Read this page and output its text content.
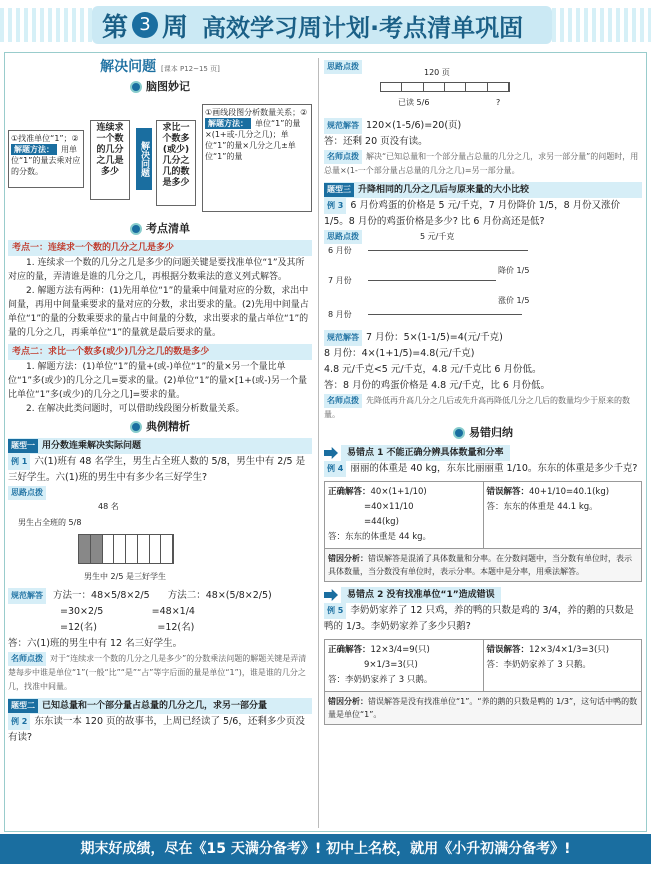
第 3 周 高效学习周计划·考点清单巩固
解决问题 [课本 P12~15 页]
脑图妙记
①找准单位“1”；②解题方法： 用单位“1”的量去乘对应的分数。
连续求一个数的几分之几是多少	解决问题
求比一个数多(或少)几分之几的数是多少
①画线段图分析数量关系；②解题方法： 单位“1”的量×(1+或-几分之几)；单位“1”的量×几分之几±单位“1”的量
考点清单
考点一：连续求一个数的几分之几是多少

1. 连续求一个数的几分之几是多少的问题关键是要找准单位“1”及其所对应的量，弄清谁是谁的几分之几，再根据分数乘法的意义列式解答。

2. 解题方法有两种：(1)先用单位“1”的量乘中间量对应的分数，求出中间量，再用中间量乘要求的量对应的分数，求出要求的量。(2)先用中间量占单位“1”的量的分数乘要求的量占中间量的分数，求出要求的量占单位“1”的量的几分之几，再乘单位“1”的量就是最后要求的量。

考点二：求比一个数多(或少)几分之几的数是多少

1. 解题方法：(1)单位“1”的量+(或-)单位“1”的量×另一个量比单位“1”多(或少)的几分之几=要求的量。(2)单位“1”的量×[1+(或-)另一个量比单位“1”多(或少)的几分之几]=要求的量。

2. 在解决此类问题时，可以借助线段图分析数量关系。

典例精析
题型一 用分数连乘解决实际问题
例 1 六(1)班有 48 名学生，男生占全班人数的 5/8，男生中有 2/5 是三好学生。六(1)班的男生中有多少名三好学生?
思路点拨
48 名
男生占全班的 5/8
男生中 2/5 是三好学生
规范解答 方法一：48×5/8×2/5 方法二：48×(5/8×2/5)
=30×2/5	=48×1/4
=12(名)	=12(名)
答：六(1)班的男生中有 12 名三好学生。
名师点拨 对于“连续求一个数的几分之几是多少”的分数乘法问题的解题关键是弄清楚每步中谁是单位“1”(一般“比”“是”“占”等字后面的量是单位“1”)，谁是谁的几分之几，找准中间量。
题型二 已知总量和一个部分量占总量的几分之几，求另一部分量
例 2 东东读一本 120 页的故事书，上周已经读了 5/6，还剩多少页没有读?
思路点拨
120 页
已读 5/6	?
规范解答 120×(1-5/6)=20(页)
答：还剩 20 页没有读。
名师点拨 解决“已知总量和一个部分量占总量的几分之几，求另一部分量”的问题时，用总量×(1-一个部分量占总量的几分之几)=另一部分量。
题型三 升降相同的几分之几后与原来量的大小比较
例 3 6 月份鸡蛋的价格是 5 元/千克，7 月份降价 1/5，8 月份又涨价 1/5。8 月份的鸡蛋价格是多少? 比 6 月份高还是低?
思路点拨	5 元/千克
6 月份
7 月份
降价 1/5
8 月份
涨价 1/5
规范解答 7 月份：5×(1-1/5)=4(元/千克)
8 月份：4×(1+1/5)=4.8(元/千克)
4.8 元/千克<5 元/千克，4.8 元/千克比 6 月份低。
答：8 月份的鸡蛋价格是 4.8 元/千克，比 6 月份低。
名师点拨 先降低再升高几分之几后或先升高再降低几分之几后的数量均少于原来的数量。
易错归纳
易错点 1 不能正确分辨具体数量和分率
例 4 丽丽的体重是 40 kg，东东比丽丽重 1/10。东东的体重是多少千克?
正确解答：40×(1+1/10)
=40×11/10
=44(kg)
答：东东的体重是 44 kg。
错误解答：40+1/10=40.1(kg)
答：东东的体重是 44.1 kg。
错因分析：错误解答是混淆了具体数量和分率。在分数问题中，当分数有单位时，表示具体数量，当分数没有单位时，表示分率。本题中是分率，用乘法解答。
易错点 2 没有找准单位“1”造成错误
例 5 李奶奶家养了 12 只鸡，养的鸭的只数是鸡的 3/4，养的鹅的只数是鸭的 1/3。李奶奶家养了多少只鹅?
正确解答：12×3/4=9(只)
9×1/3=3(只)
答：李奶奶家养了 3 只鹅。
错误解答：12×3/4×1/3=3(只)
答：李奶奶家养了 3 只鹅。
错因分析：错误解答是没有找准单位“1”。“养的鹅的只数是鸭的 1/3”，这句话中鸭的数量是单位“1”。
期末好成绩，尽在《15 天满分备考》! 初中上名校，就用《小升初满分备考》!
